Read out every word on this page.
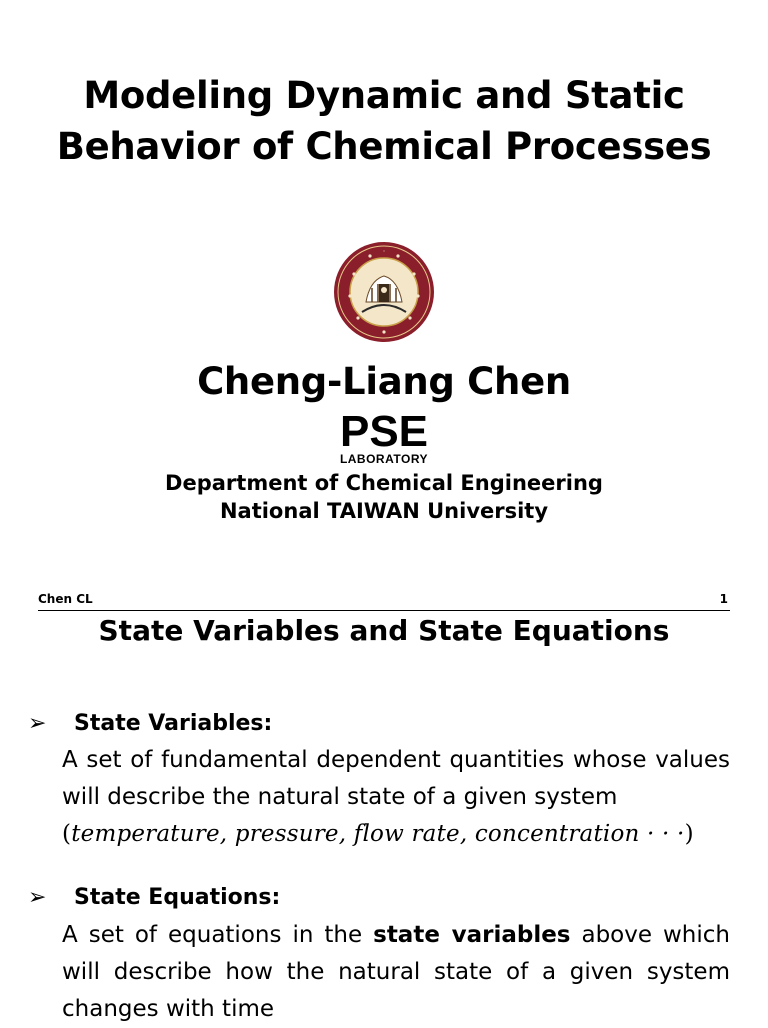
Modeling Dynamic and Static
Behavior of Chemical Processes
·
Cheng-Liang Chen
PSE
LABORATORY
Department of Chemical Engineering
National TAIWAN University
Chen CL	1
State Variables and State Equations
➢ State Variables:
A set of fundamental dependent quantities whose values
will describe the natural state of a given system
(temperature, pressure, flow rate, concentration · · ·)
➢ State Equations:
A set of equations in the state variables above which
will describe how the natural state of a given system
changes with time
